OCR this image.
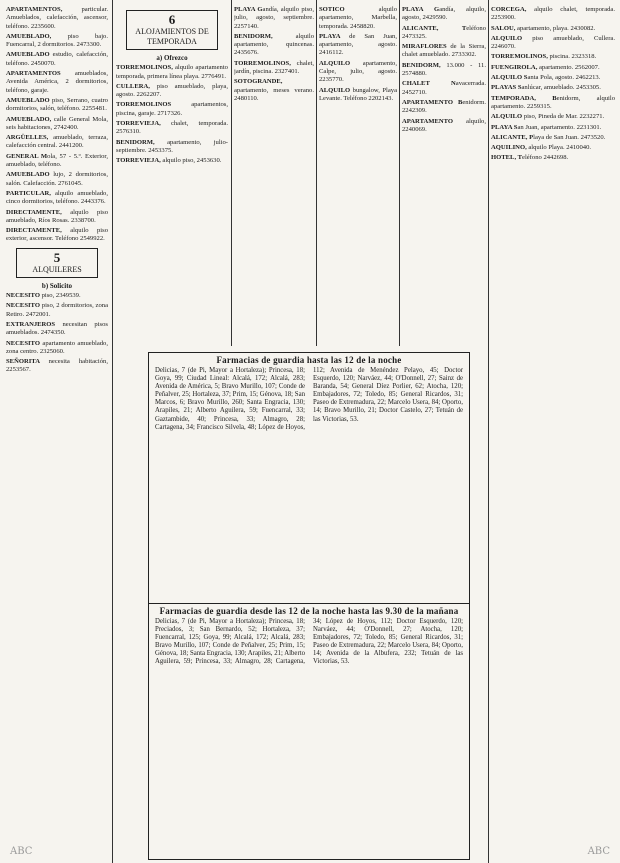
APARTAMENTOS, particular. Amueblados, calefacción, ascensor, teléfono. 2235600.

AMUEBLADO, piso bajo. Fuencarral, 2 dormitorios. 2473300.

AMUEBLADO estudio, calefacción, teléfono. 2450070.

APARTAMENTOS amueblados, Avenida América, 2 dormitorios, teléfono, garaje.

AMUEBLADO piso, Serrano, cuatro dormitorios, salón, teléfono. 2255481.

AMUEBLADO, calle General Mola, seis habitaciones, 2742400.

ARGÜELLES, amueblado, terraza, calefacción central. 2441200.

GENERAL Mola, 57 - 5.º. Exterior, amueblado, teléfono.

AMUEBLADO lujo, 2 dormitorios, salón. Calefacción. 2761045.

PARTICULAR, alquilo amueblado, cinco dormitorios, teléfono. 2443376.

DIRECTAMENTE, alquilo piso amueblado, Ríos Rosas. 2338700.

DIRECTAMENTE, alquilo piso exterior, ascensor. Teléfono 2549922.

5
ALQUILERES
b) Solicito

NECESITO piso, 2349539.

NECESITO piso, 2 dormitorios, zona Retiro. 2472001.

EXTRANJEROS necesitan pisos amueblados. 2474350.

NECESITO apartamento amueblado, zona centro. 2325060.

SEÑORITA necesita habitación, 2253567.

6
ALOJAMIENTOS DE TEMPORADA
a) Ofrezco

TORREMOLINOS, alquilo apartamento temporada, primera línea playa. 2776491.

CULLERA, piso amueblado, playa, agosto. 2262207.

TORREMOLINOS apartamentos, piscina, garaje. 2717326.

TORREVIEJA, chalet, temporada. 2576310.

BENIDORM, apartamento, julio-septiembre. 2453375.

TORREVIEJA, alquilo piso, 2453630.

PLAYA Gandía, alquilo piso, julio, agosto, septiembre. 2257140.

BENIDORM, alquilo apartamento, quincenas. 2435676.

TORREMOLINOS, chalet, jardín, piscina. 2327401.

SOTOGRANDE, apartamento, meses verano. 2480110.

SOTICO alquilo apartamento, Marbella, temporada. 2458820.

PLAYA de San Juan, apartamento, agosto. 2416112.

ALQUILO apartamento, Calpe, julio, agosto. 2235770.

ALQUILO bungalow, Playa Levante. Teléfono 2202143.

PLAYA Gandía, alquilo, agosto, 2429590.

ALICANTE, Teléfono 2473325.

MIRAFLORES de la Sierra, chalet amueblado. 2733302.

BENIDORM, 13.000 - 11. 2574880.

CHALET Navacerrada. 2452710.

APARTAMENTO Benidorm. 2242309.

APARTAMENTO alquilo, 2240069.

CORCEGA, alquilo chalet, temporada. 2253900.

SALOU, apartamento, playa. 2430082.

ALQUILO piso amueblado, Cullera. 2246070.

TORREMOLINOS, piscina. 2323318.

FUENGIROLA, apartamento. 2562007.

ALQUILO Santa Pola, agosto. 2462213.

PLAYAS Sanlúcar, amueblado. 2453305.

TEMPORADA, Benidorm, alquilo apartamento. 2259315.

ALQUILO piso, Pineda de Mar. 2232271.

PLAYA San Juan, apartamento. 2231301.

ALICANTE, Playa de San Juan. 2473520.

AQUILINO, alquilo Playa. 2410040.

HOTEL, Teléfono 2442698.

Farmacias de guardia hasta las 12 de la noche
Delicias, 7 (de Pi, Mayor a Hortaleza); Princesa, 18; Goya, 99; Ciudad Lineal: Alcalá, 172; Alcalá, 283; Avenida de América, 5; Bravo Murillo, 107; Conde de Peñalver, 25; Hortaleza, 37; Prim, 15; Génova, 18; San Marcos, 6; Bravo Murillo, 260; Santa Engracia, 130; Arapiles, 21; Alberto Aguilera, 59; Fuencarral, 33; Gaztambide, 40; Princesa, 33; Almagro, 28; Cartagena, 34; Francisco Silvela, 48; López de Hoyos, 112; Avenida de Menéndez Pelayo, 45; Doctor Esquerdo, 120; Narváez, 44; O'Donnell, 27; Sainz de Baranda, 54; General Díez Porlier, 62; Atocha, 120; Embajadores, 72; Toledo, 85; General Ricardos, 31; Paseo de Extremadura, 22; Marcelo Usera, 84; Oporto, 14; Bravo Murillo, 21; Doctor Castelo, 27; Tetuán de las Victorias, 53.
Farmacias de guardia desde las 12 de la noche hasta las 9.30 de la mañana
Delicias, 7 (de Pi, Mayor a Hortaleza); Princesa, 18; Preciados, 3; San Bernardo, 52; Hortaleza, 37; Fuencarral, 125; Goya, 99; Alcalá, 172; Alcalá, 283; Bravo Murillo, 107; Conde de Peñalver, 25; Prim, 15; Génova, 18; Santa Engracia, 130; Arapiles, 21; Alberto Aguilera, 59; Princesa, 33; Almagro, 28; Cartagena, 34; López de Hoyos, 112; Doctor Esquerdo, 120; Narváez, 44; O'Donnell, 27; Atocha, 120; Embajadores, 72; Toledo, 85; General Ricardos, 31; Paseo de Extremadura, 22; Marcelo Usera, 84; Oporto, 14; Avenida de la Albufera, 232; Tetuán de las Victorias, 53.
ABC	ABC
